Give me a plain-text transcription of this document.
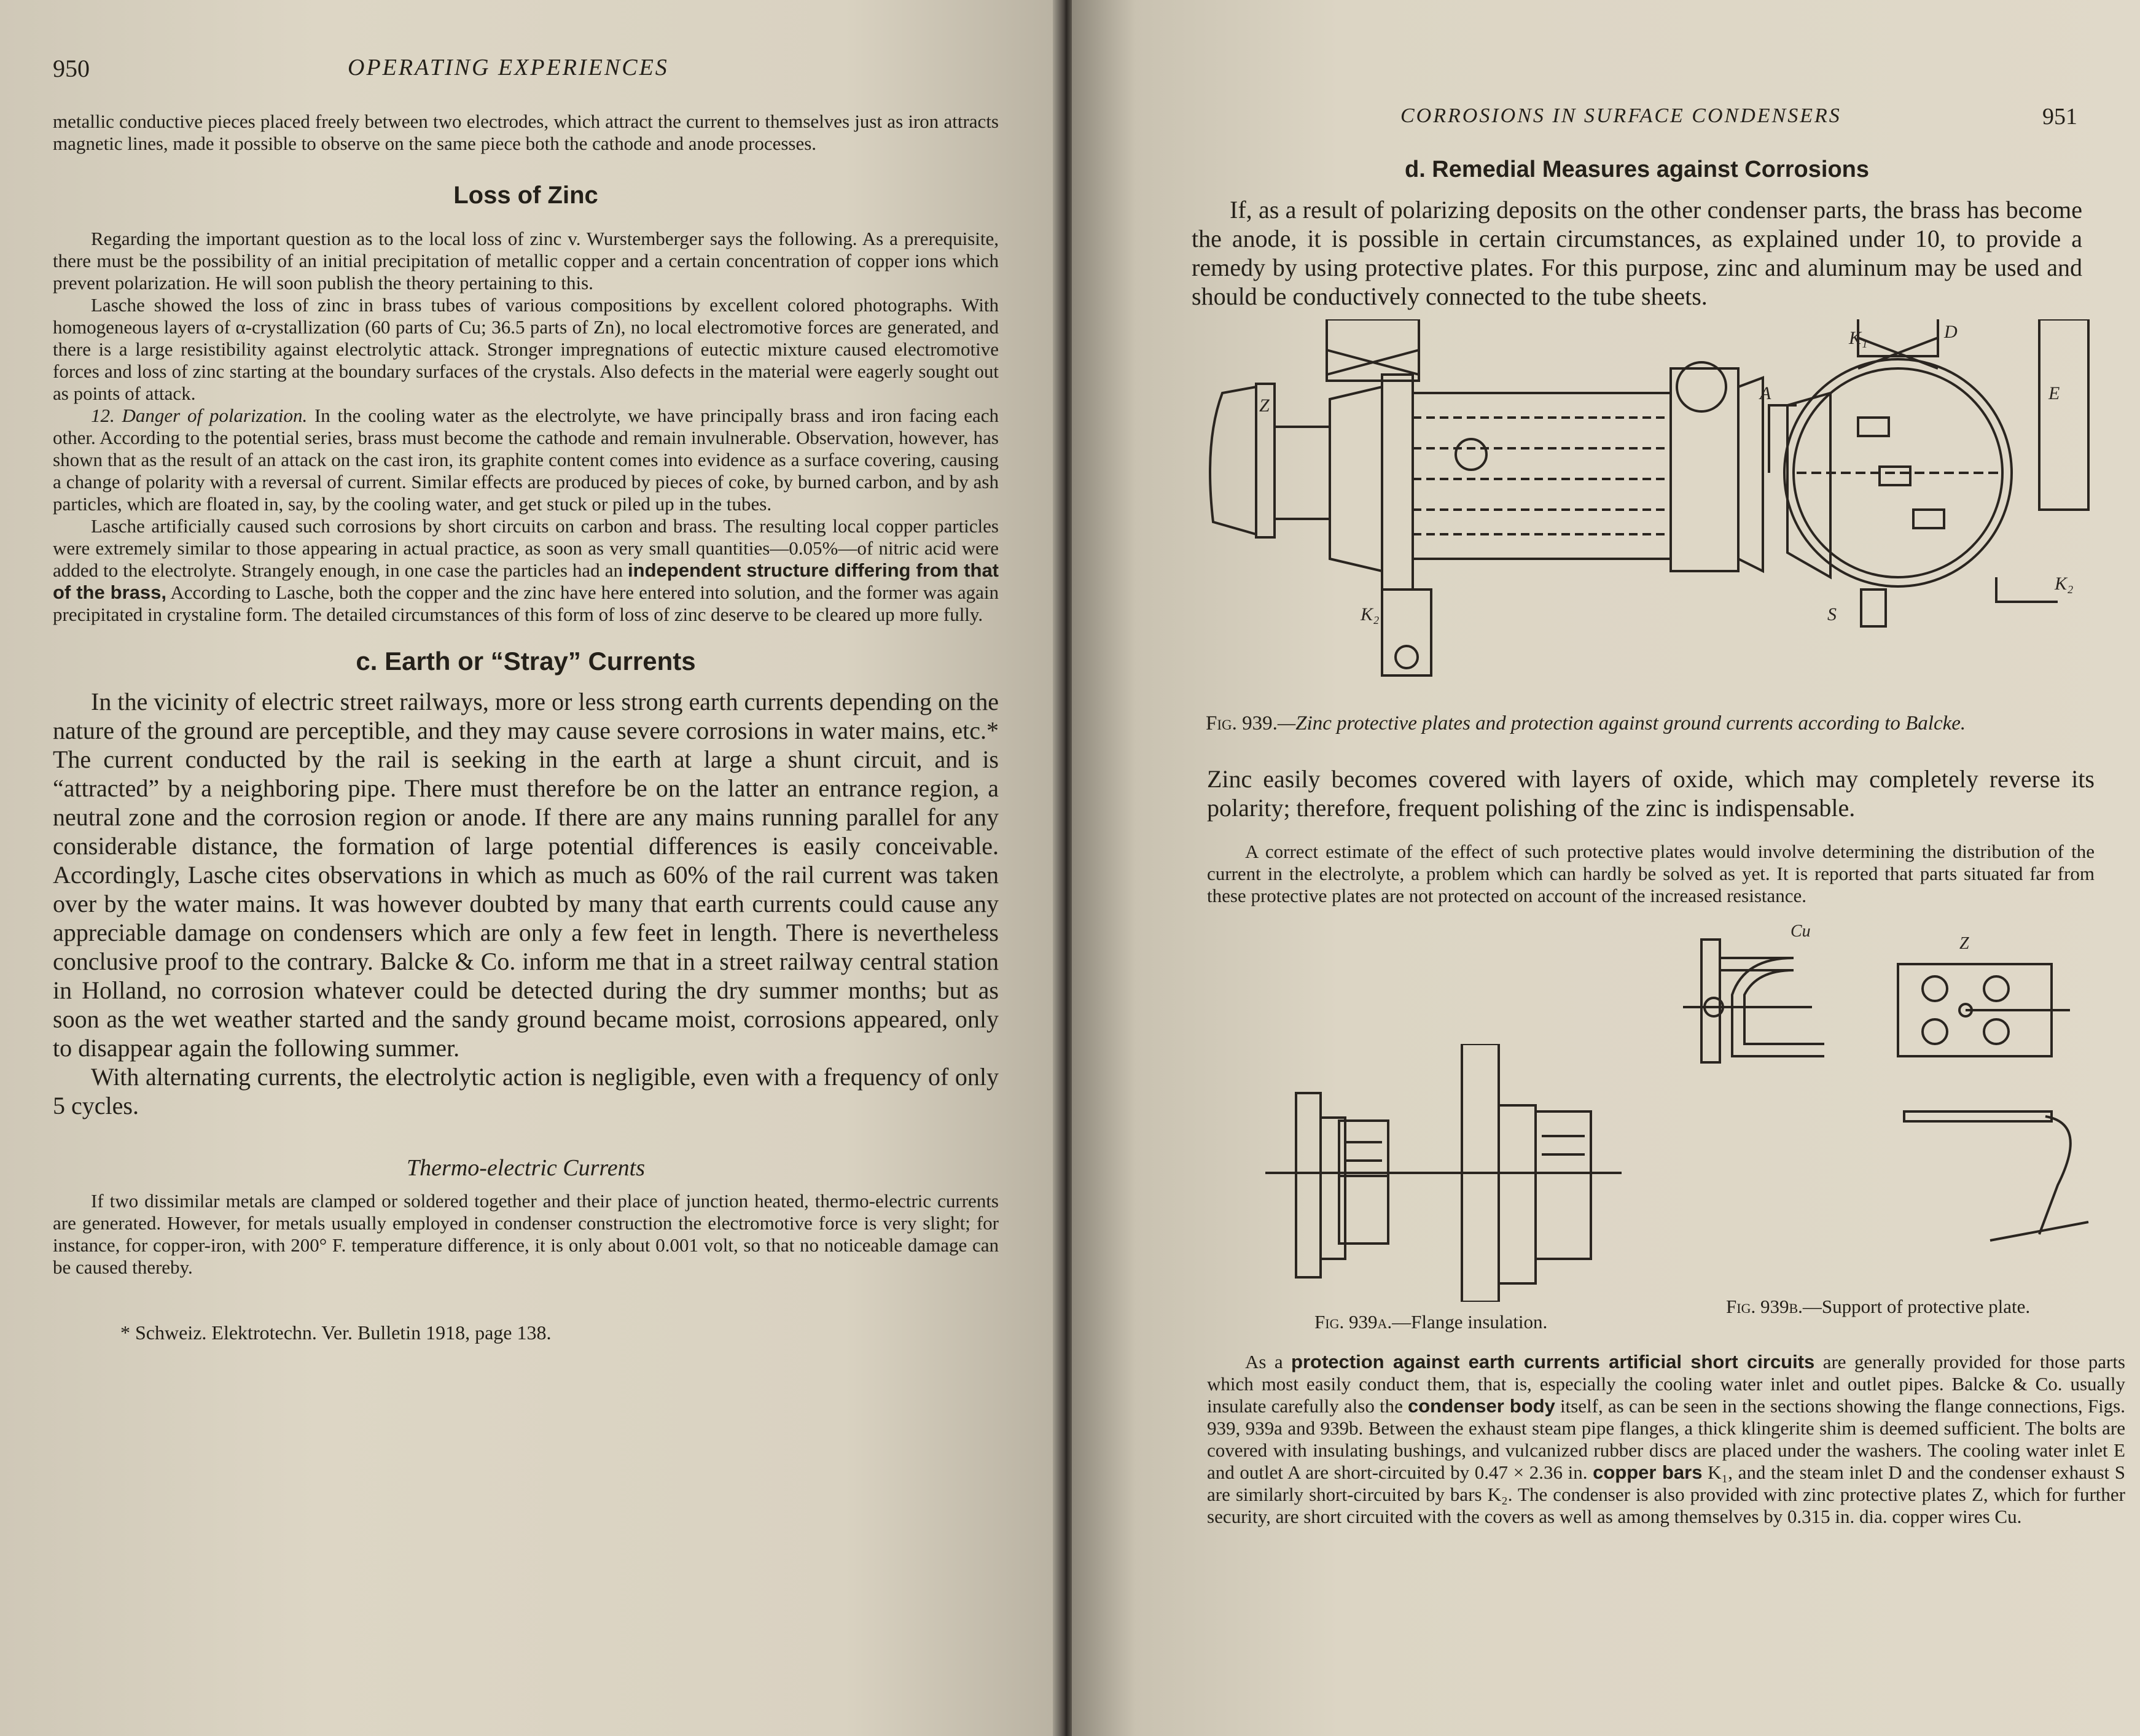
950	OPERATING EXPERIENCES

metallic conductive pieces placed freely between two electrodes, which attract the current to themselves just as iron attracts magnetic lines, made it possible to observe on the same piece both the cathode and anode processes.

Loss of Zinc

Regarding the important question as to the local loss of zinc v. Wurstemberger says the following. As a prerequisite, there must be the possibility of an initial precipitation of metallic copper and a certain concentration of copper ions which prevent polarization. He will soon publish the theory pertaining to this.

Lasche showed the loss of zinc in brass tubes of various compositions by excellent colored photographs. With homogeneous layers of α-crystallization (60 parts of Cu; 36.5 parts of Zn), no local electromotive forces are generated, and there is a large resistibility against electrolytic attack. Stronger impregnations of eutectic mixture caused electromotive forces and loss of zinc starting at the boundary surfaces of the crystals. Also defects in the material were eagerly sought out as points of attack.

12. Danger of polarization. In the cooling water as the electrolyte, we have principally brass and iron facing each other. According to the potential series, brass must become the cathode and remain invulnerable. Observation, however, has shown that as the result of an attack on the cast iron, its graphite content comes into evidence as a surface covering, causing a change of polarity with a reversal of current. Similar effects are produced by pieces of coke, by burned carbon, and by ash particles, which are floated in, say, by the cooling water, and get stuck or piled up in the tubes.

Lasche artificially caused such corrosions by short circuits on carbon and brass. The resulting local copper particles were extremely similar to those appearing in actual practice, as soon as very small quantities—0.05%—of nitric acid were added to the electrolyte. Strangely enough, in one case the particles had an independent structure differing from that of the brass, According to Lasche, both the copper and the zinc have here entered into solution, and the former was again precipitated in crystaline form. The detailed circumstances of this form of loss of zinc deserve to be cleared up more fully.

c. Earth or “Stray” Currents

In the vicinity of electric street railways, more or less strong earth currents depending on the nature of the ground are perceptible, and they may cause severe corrosions in water mains, etc.* The current conducted by the rail is seeking in the earth at large a shunt circuit, and is “attracted” by a neighboring pipe. There must therefore be on the latter an entrance region, a neutral zone and the corrosion region or anode. If there are any mains running parallel for any considerable distance, the formation of large potential differences is easily conceivable. Accordingly, Lasche cites observations in which as much as 60% of the rail current was taken over by the water mains. It was however doubted by many that earth currents could cause any appreciable damage on condensers which are only a few feet in length. There is nevertheless conclusive proof to the contrary. Balcke & Co. inform me that in a street railway central station in Holland, no corrosion whatever could be detected during the dry summer months; but as soon as the wet weather started and the sandy ground became moist, corrosions appeared, only to disappear again the following summer.

With alternating currents, the electrolytic action is negligible, even with a frequency of only 5 cycles.

Thermo-electric Currents

If two dissimilar metals are clamped or soldered together and their place of junction heated, thermo-electric currents are generated. However, for metals usually employed in condenser construction the electromotive force is very slight; for instance, for copper-iron, with 200° F. temperature difference, it is only about 0.001 volt, so that no noticeable damage can be caused thereby.

* Schweiz. Elektrotechn. Ver. Bulletin 1918, page 138.

CORROSIONS IN SURFACE CONDENSERS	951
d. Remedial Measures against Corrosions

If, as a result of polarizing deposits on the other condenser parts, the brass has become the anode, it is possible in certain circumstances, as explained under 10, to provide a remedy by using protective plates. For this purpose, zinc and aluminum may be used and should be conductively connected to the tube sheets.

Z
K₂
K₁	D
A	E
S
K₂
Fig. 939.—Zinc protective plates and protection against ground currents according to Balcke.

Zinc easily becomes covered with layers of oxide, which may completely reverse its polarity; therefore, frequent polishing of the zinc is indispensable.

A correct estimate of the effect of such protective plates would involve determining the distribution of the current in the electrolyte, a problem which can hardly be solved as yet. It is reported that parts situated far from these protective plates are not protected on account of the increased resistance.

Cu
Z
Fig. 939a.—Flange insulation.
Fig. 939b.—Support of protective plate.

As a protection against earth currents artificial short circuits are generally provided for those parts which most easily conduct them, that is, especially the cooling water inlet and outlet pipes. Balcke & Co. usually insulate carefully also the condenser body itself, as can be seen in the sections showing the flange connections, Figs. 939, 939a and 939b. Between the exhaust steam pipe flanges, a thick klingerite shim is deemed sufficient. The bolts are covered with insulating bushings, and vulcanized rubber discs are placed under the washers. The cooling water inlet E and outlet A are short-circuited by 0.47 × 2.36 in. copper bars K₁, and the steam inlet D and the condenser exhaust S are similarly short-circuited by bars K₂. The condenser is also provided with zinc protective plates Z, which for further security, are short circuited with the covers as well as among themselves by 0.315 in. dia. copper wires Cu.
